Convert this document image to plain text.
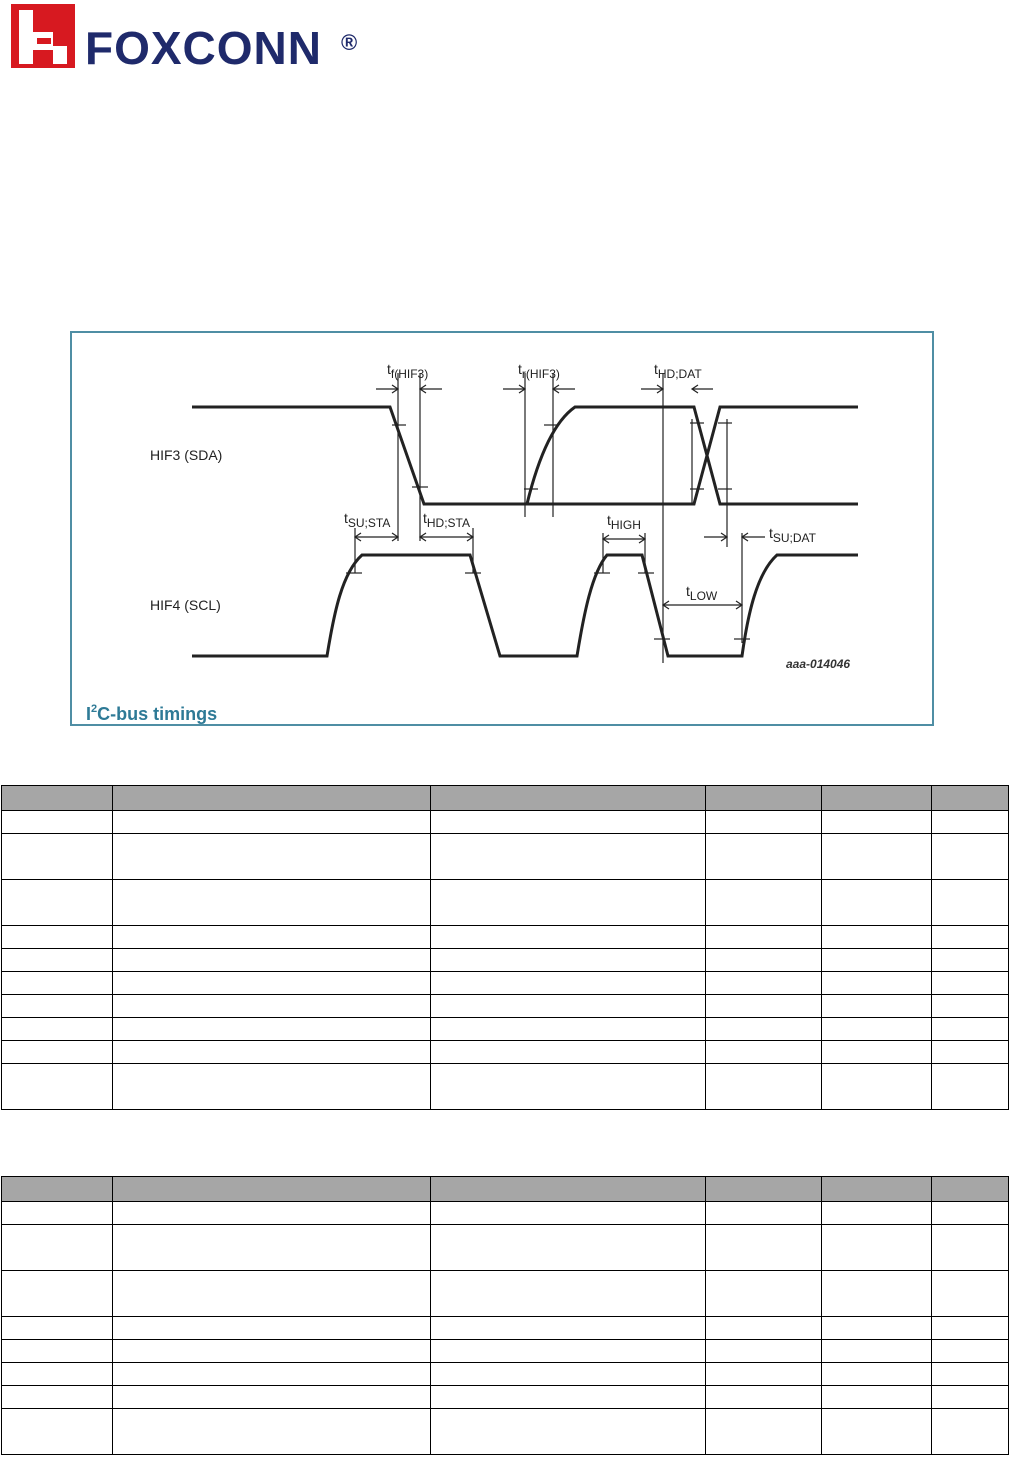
FOXCONN ®
HIF3 (SDA)
HIF4 (SCL)
tf(HIF3)	tr(HIF3)	tHD;DAT
tSU;STA tHD;STA	tHIGH	tSU;DAT
tLOW
aaa-014046
$I^2C$-bus timings
